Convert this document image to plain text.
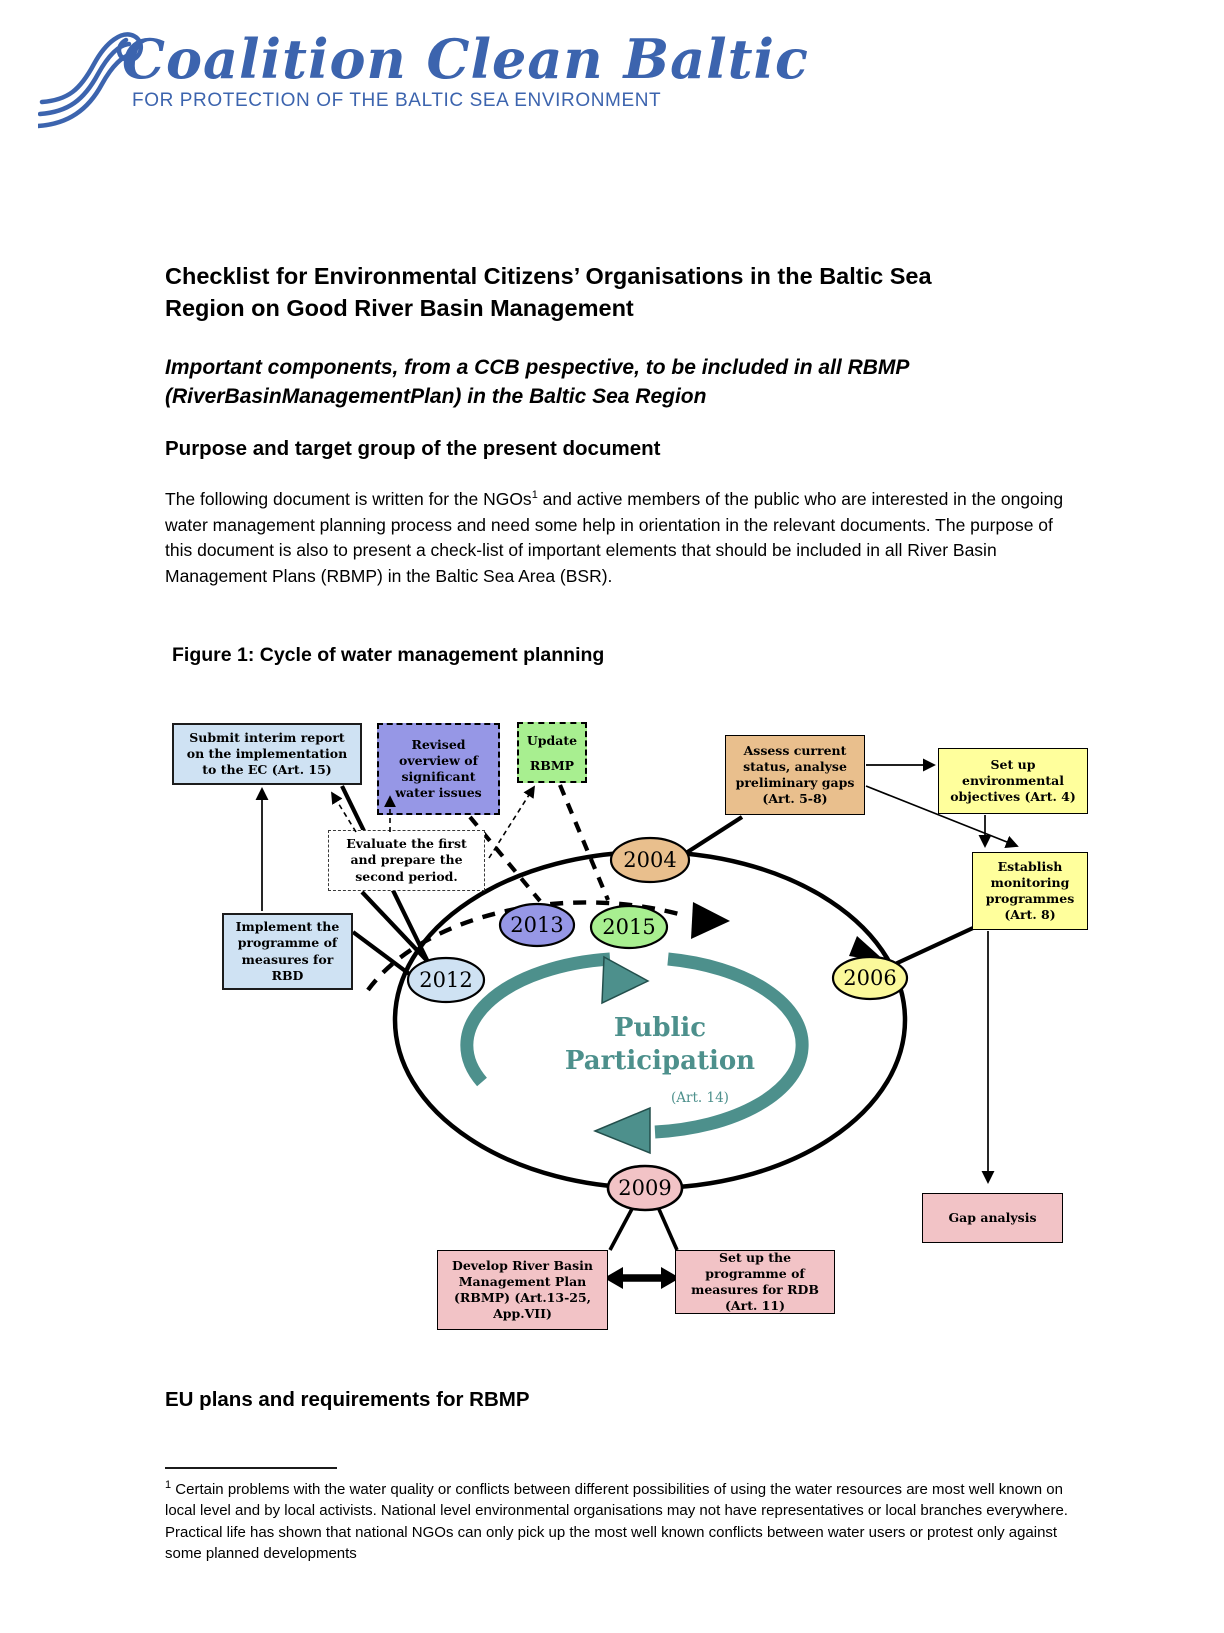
Coalition Clean Baltic
FOR PROTECTION OF THE BALTIC SEA ENVIRONMENT
Checklist for Environmental Citizens’ Organisations in the Baltic Sea Region on Good River Basin Management
Important components, from a CCB pespective, to be included in all RBMP (RiverBasinManagementPlan) in the Baltic Sea Region
Purpose and target group of the present document

The following document is written for the NGOs$^1$ and active members of the public who are interested in the ongoing water management planning process and need some help in orientation in the relevant documents. The purpose of this document is also to present a check-list of important elements that should be included in all River Basin Management Plans (RBMP) in the Baltic Sea Area (BSR).

Figure 1: Cycle of water management planning
Submit interim report on the implementation to the EC (Art. 15)
Revised overview of significant water issues
Update RBMP
Assess current status, analyse preliminary gaps (Art. 5-8)
Set up environmental objectives (Art. 4)
Establish monitoring programmes (Art. 8)
Evaluate the first and prepare the second period.
Implement the programme of measures for RBD
Gap analysis
Develop River Basin Management Plan (RBMP) (Art.13-25, App.VII)
Set up the programme of measures for RDB (Art. 11)
2004
2013	2015
2012	2006
2009
Public
Participation
(Art. 14)
EU plans and requirements for RBMP

$^1$ Certain problems with the water quality or conflicts between different possibilities of using the water resources are most well known on local level and by local activists. National level environmental organisations may not have representatives or local branches everywhere. Practical life has shown that national NGOs can only pick up the most well known conflicts between water users or protest only against some planned developments
